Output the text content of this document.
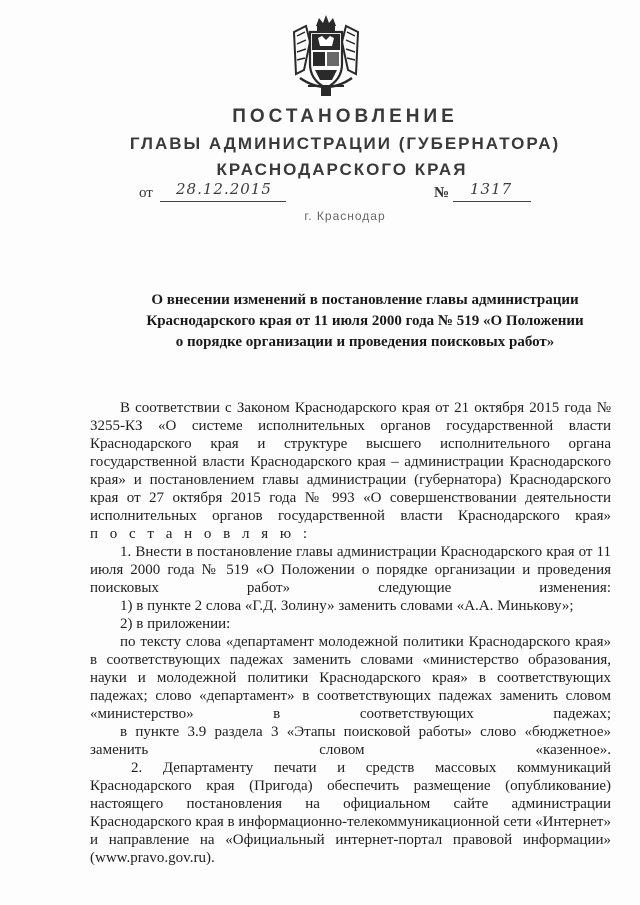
ПОСТАНОВЛЕНИЕ
ГЛАВЫ АДМИНИСТРАЦИИ (ГУБЕРНАТОРА)
КРАСНОДАРСКОГО КРАЯ
от 28.12.2015	№ 1317
г. Краснодар
О внесении изменений в постановление главы администрации
Краснодарского края от 11 июля 2000 года № 519 «О Положении
о порядке организации и проведения поисковых работ»

В соответствии с Законом Краснодарского края от 21 октября 2015 года № 3255-КЗ «О системе исполнительных органов государственной власти Краснодарского края и структуре высшего исполнительного органа государственной власти Краснодарского края – администрации Краснодарского края» и постановлением главы администрации (губернатора) Краснодарского края от 27 октября 2015 года № 993 «О совершенствовании деятельности исполнительных органов государственной власти Краснодарского края»

п о с т а н о в л я ю :

1. Внести в постановление главы администрации Краснодарского края от 11 июля 2000 года № 519 «О Положении о порядке организации и проведения поисковых работ» следующие изменения:

1) в пункте 2 слова «Г.Д. Золину» заменить словами «А.А. Минькову»;

2) в приложении:

по тексту слова «департамент молодежной политики Краснодарского края» в соответствующих падежах заменить словами «министерство образования, науки и молодежной политики Краснодарского края» в соответствующих падежах; слово «департамент» в соответствующих падежах заменить словом «министерство» в соответствующих падежах;

в пункте 3.9 раздела 3 «Этапы поисковой работы» слово «бюджетное» заменить словом «казенное».

2. Департаменту печати и средств массовых коммуникаций Краснодарского края (Пригода) обеспечить размещение (опубликование) настоящего постановления на официальном сайте администрации Краснодарского края в информационно-телекоммуникационной сети «Интернет» и направление на «Официальный интернет-портал правовой информации» (www.pravo.gov.ru).
